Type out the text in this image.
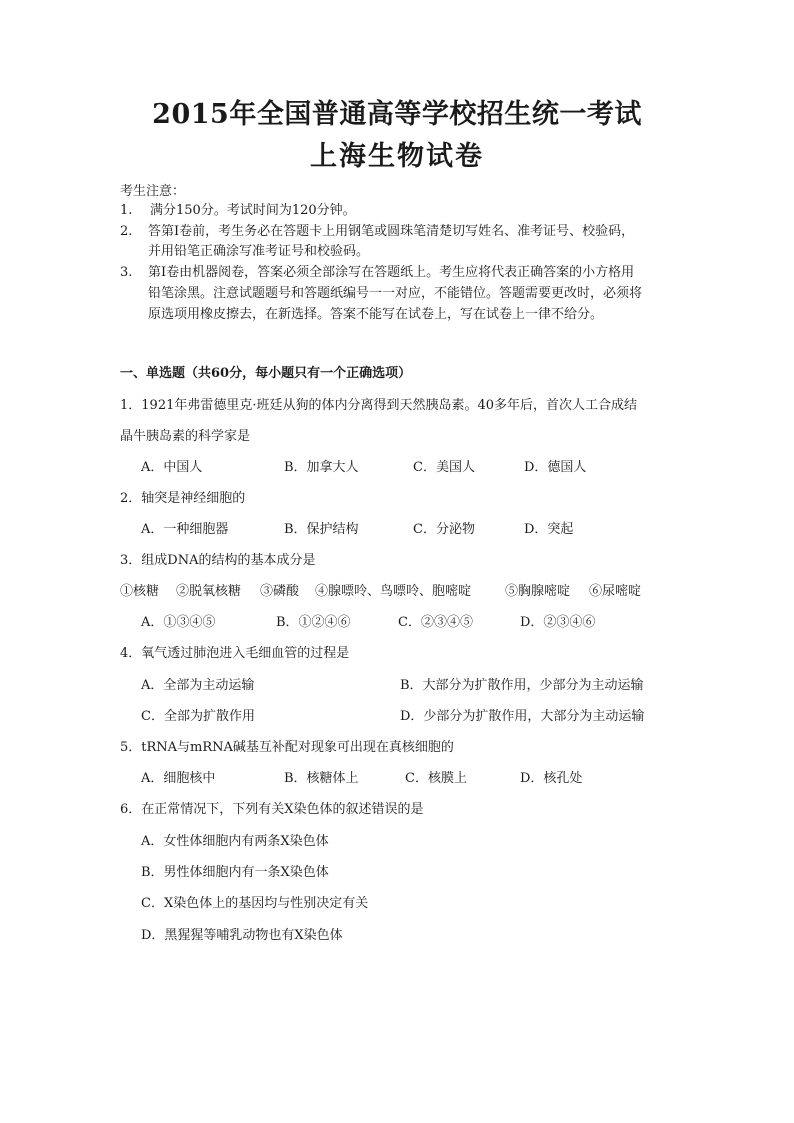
2015年全国普通高等学校招生统一考试
上海生物试卷
考生注意：
1. 满分150分。考试时间为120分钟。
2. 答第Ⅰ卷前，考生务必在答题卡上用钢笔或圆珠笔清楚切写姓名、准考证号、校验码，
并用铅笔正确涂写准考证号和校验码。
3. 第Ⅰ卷由机器阅卷，答案必须全部涂写在答题纸上。考生应将代表正确答案的小方格用
铅笔涂黑。注意试题题号和答题纸编号一一对应，不能错位。答题需要更改时，必须将
原选项用橡皮擦去，在新选择。答案不能写在试卷上，写在试卷上一律不给分。
一、单选题（共60分，每小题只有一个正确选项）
1．1921年弗雷德里克·班廷从狗的体内分离得到天然胰岛素。40多年后，首次人工合成结
晶牛胰岛素的科学家是
A．中国人	B．加拿大人	C．美国人	D．德国人
2．轴突是神经细胞的
A．一种细胞器	B．保护结构	C．分泌物	D．突起
3．组成DNA的结构的基本成分是
①核糖 ②脱氧核糖 ③磷酸 ④腺嘌呤、鸟嘌呤、胞嘧啶	⑤胸腺嘧啶 ⑥尿嘧啶
A．①③④⑤	B．①②④⑥	C．②③④⑤	D．②③④⑥
4．氧气透过肺泡进入毛细血管的过程是
A．全部为主动运输	B．大部分为扩散作用，少部分为主动运输
C．全部为扩散作用	D．少部分为扩散作用，大部分为主动运输
5．tRNA与mRNA碱基互补配对现象可出现在真核细胞的
A．细胞核中	B．核糖体上	C．核膜上	D．核孔处
6．在正常情况下，下列有关X染色体的叙述错误的是
A．女性体细胞内有两条X染色体
B．男性体细胞内有一条X染色体
C．X染色体上的基因均与性别决定有关
D．黑猩猩等哺乳动物也有X染色体
